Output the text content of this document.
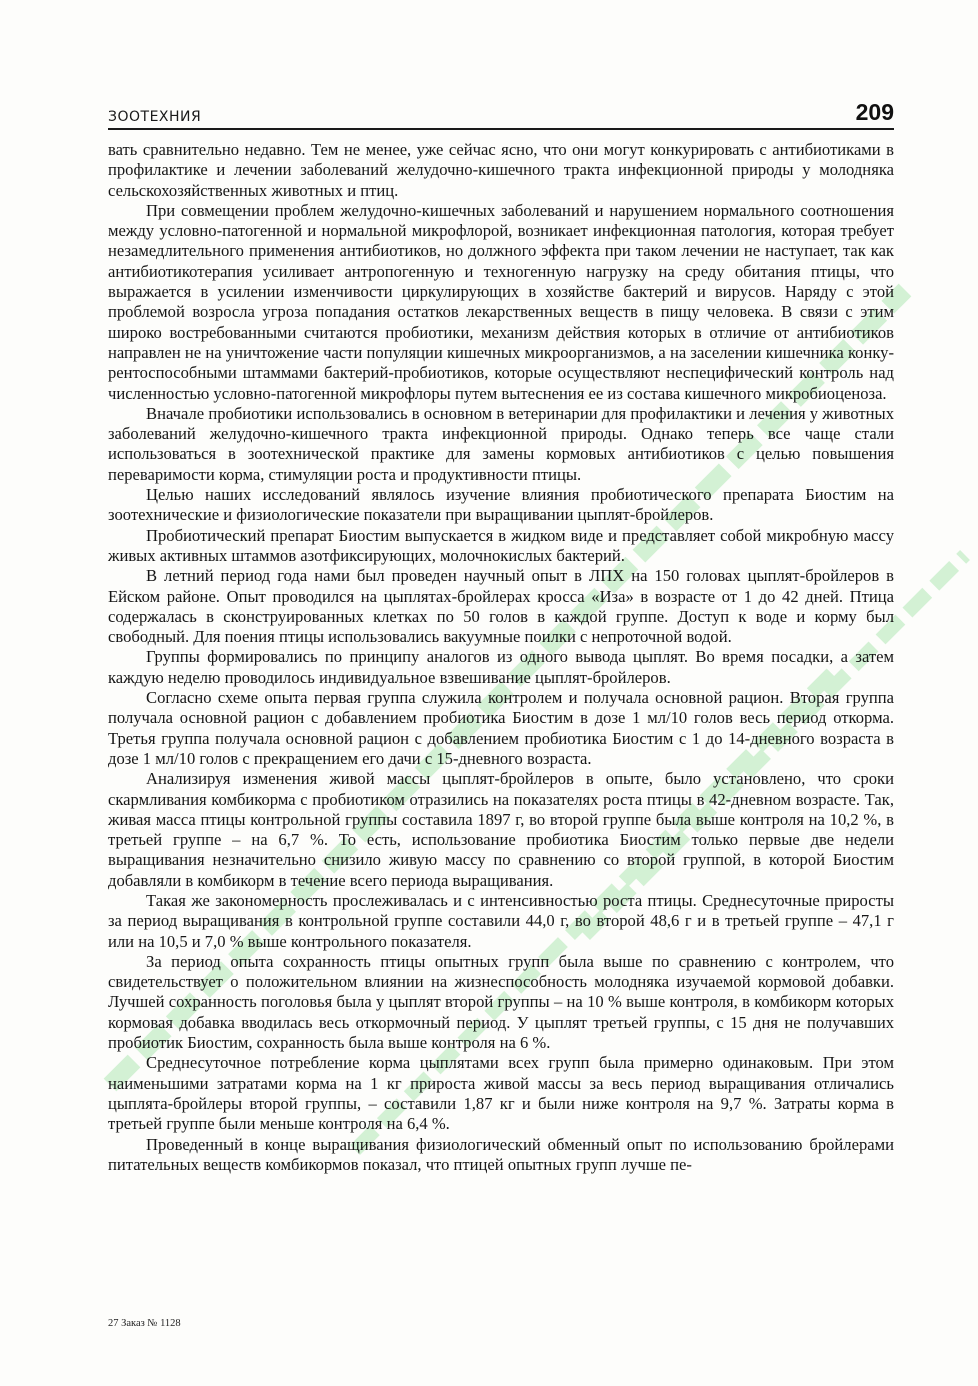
ЗООТЕХНИЯ	209

вать сравнительно недавно. Тем не менее, уже сейчас ясно, что они могут конкурировать с антибиотиками в профилактике и лечении заболеваний желудочно-кишечного тракта инфекционной природы у молодняка сельскохозяйственных животных и птиц.

При совмещении проблем желудочно-кишечных заболеваний и нарушением нормального соотношения между условно-патогенной и нормальной микрофлорой, возникает инфекционная патология, которая требует незамедлительного применения антибиотиков, но должного эффекта при таком лечении не наступает, так как антибиотикотерапия усиливает антропогенную и техногенную нагрузку на среду обитания птицы, что выражается в усилении изменчивости циркулирующих в хозяйстве бактерий и вирусов. Наряду с этой проблемой возросла угроза попадания остатков лекарственных веществ в пищу человека. В связи с этим широко востребованными считаются пробиотики, механизм действия которых в отличие от антибиотиков направлен не на уничтожение части популяции кишечных микроорганизмов, а на заселении кишечника конкурентоспособными штаммами бактерий-пробиотиков, которые осуществляют неспецифический контроль над численностью условно-патогенной микрофлоры путем вытеснения ее из состава кишечного микробиоценоза.

Вначале пробиотики использовались в основном в ветеринарии для профилактики и лечения у животных заболеваний желудочно-кишечного тракта инфекционной природы. Однако теперь все чаще стали использоваться в зоотехнической практике для замены кормовых антибиотиков с целью повышения переваримости корма, стимуляции роста и продуктивности птицы.

Целью наших исследований являлось изучение влияния пробиотического препарата Биостим на зоотехнические и физиологические показатели при выращивании цыплят-бройлеров.

Пробиотический препарат Биостим выпускается в жидком виде и представляет собой микробную массу живых активных штаммов азотфиксирующих, молочнокислых бактерий.

В летний период года нами был проведен научный опыт в ЛПХ на 150 головах цыплят-бройлеров в Ейском районе. Опыт проводился на цыплятах-бройлерах кросса «Иза» в возрасте от 1 до 42 дней. Птица содержалась в сконструированных клетках по 50 голов в каждой группе. Доступ к воде и корму был свободный. Для поения птицы использовались вакуумные поилки с непроточной водой.

Группы формировались по принципу аналогов из одного вывода цыплят. Во время посадки, а затем каждую неделю проводилось индивидуальное взвешивание цыплят-бройлеров.

Согласно схеме опыта первая группа служила контролем и получала основной рацион. Вторая группа получала основной рацион с добавлением пробиотика Биостим в дозе 1 мл/10 голов весь период откорма. Третья группа получала основной рацион с добавлением пробиотика Биостим с 1 до 14-дневного возраста в дозе 1 мл/10 голов с прекращением его дачи с 15-дневного возраста.

Анализируя изменения живой массы цыплят-бройлеров в опыте, было установлено, что сроки скармливания комбикорма с пробиотиком отразились на показателях роста птицы в 42-дневном возрасте. Так, живая масса птицы контрольной группы составила 1897 г, во второй группе была выше контроля на 10,2 %, в третьей группе – на 6,7 %. То есть, использование пробиотика Биостим только первые две недели выращивания незначительно снизило живую массу по сравнению со второй группой, в которой Биостим добавляли в комбикорм в течение всего периода выращивания.

Такая же закономерность прослеживалась и с интенсивностью роста птицы. Среднесуточные приросты за период выращивания в контрольной группе составили 44,0 г, во второй 48,6 г и в третьей группе – 47,1 г или на 10,5 и 7,0 % выше контрольного показателя.

За период опыта сохранность птицы опытных групп была выше по сравнению с контролем, что свидетельствует о положительном влиянии на жизнеспособность молодняка изучаемой кормовой добавки. Лучшей сохранность поголовья была у цыплят второй группы – на 10 % выше контроля, в комбикорм которых кормовая добавка вводилась весь откормочный период. У цыплят третьей группы, с 15 дня не получавших пробиотик Биостим, сохранность была выше контроля на 6 %.

Среднесуточное потребление корма цыплятами всех групп была примерно одинаковым. При этом наименьшими затратами корма на 1 кг прироста живой массы за весь период выращивания отличались цыплята-бройлеры второй группы, – составили 1,87 кг и были ниже контроля на 9,7 %. Затраты корма в третьей группе были меньше контроля на 6,4 %.

Проведенный в конце выращивания физиологический обменный опыт по использованию бройлерами питательных веществ комбикормов показал, что птицей опытных групп лучше пе-

27 Заказ № 1128
